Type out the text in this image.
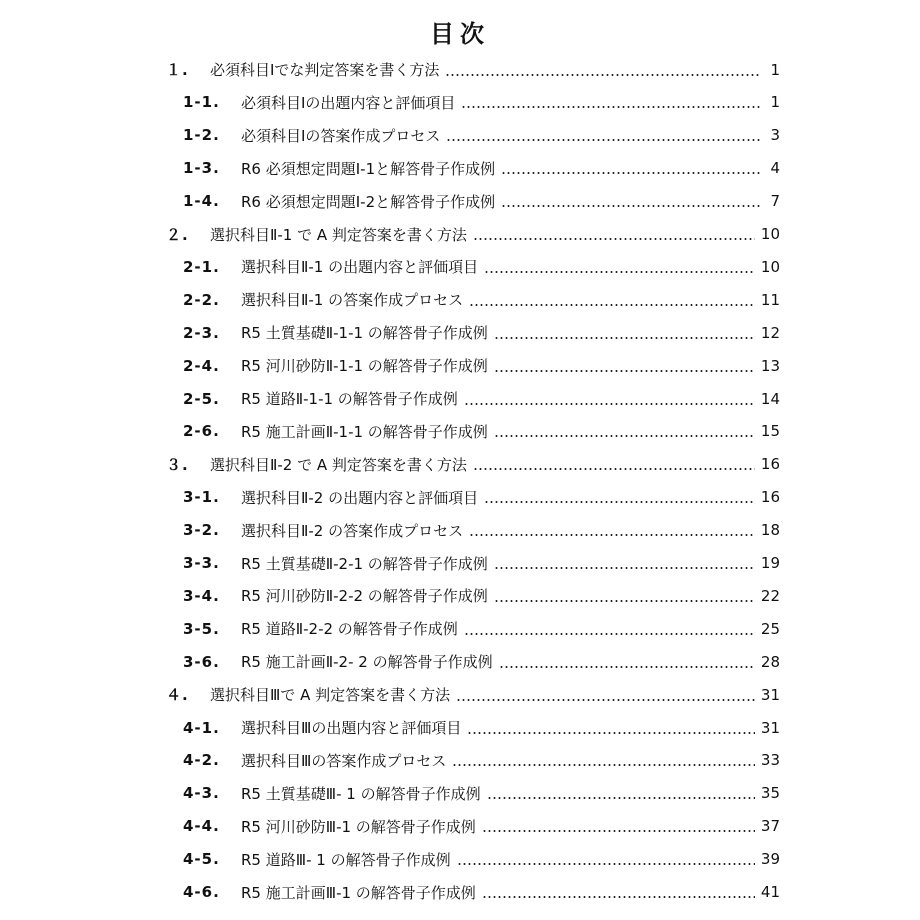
目次
１.	必須科目Ⅰでな判定答案を書く方法	1
1-1.	必須科目Ⅰの出題内容と評価項目	1
1-2.	必須科目Ⅰの答案作成プロセス	3
1-3.	R6 必須想定問題Ⅰ-1と解答骨子作成例	4
1-4.	R6 必須想定問題Ⅰ-2と解答骨子作成例	7
２.	選択科目Ⅱ-1 で A 判定答案を書く方法	10
2-1.	選択科目Ⅱ-1 の出題内容と評価項目	10
2-2.	選択科目Ⅱ-1 の答案作成プロセス	11
2-3.	R5 土質基礎Ⅱ-1-1 の解答骨子作成例	12
2-4.	R5 河川砂防Ⅱ-1-1 の解答骨子作成例	13
2-5.	R5 道路Ⅱ-1-1 の解答骨子作成例	14
2-6.	R5 施工計画Ⅱ-1-1 の解答骨子作成例	15
３.	選択科目Ⅱ-2 で A 判定答案を書く方法	16
3-1.	選択科目Ⅱ-2 の出題内容と評価項目	16
3-2.	選択科目Ⅱ-2 の答案作成プロセス	18
3-3.	R5 土質基礎Ⅱ-2-1 の解答骨子作成例	19
3-4.	R5 河川砂防Ⅱ-2-2 の解答骨子作成例	22
3-5.	R5 道路Ⅱ-2-2 の解答骨子作成例	25
3-6.	R5 施工計画Ⅱ-2- 2 の解答骨子作成例	28
４.	選択科目Ⅲで A 判定答案を書く方法	31
4-1.	選択科目Ⅲの出題内容と評価項目	31
4-2.	選択科目Ⅲの答案作成プロセス	33
4-3.	R5 土質基礎Ⅲ- 1 の解答骨子作成例	35
4-4.	R5 河川砂防Ⅲ-1 の解答骨子作成例	37
4-5.	R5 道路Ⅲ- 1 の解答骨子作成例	39
4-6.	R5 施工計画Ⅲ-1 の解答骨子作成例	41
